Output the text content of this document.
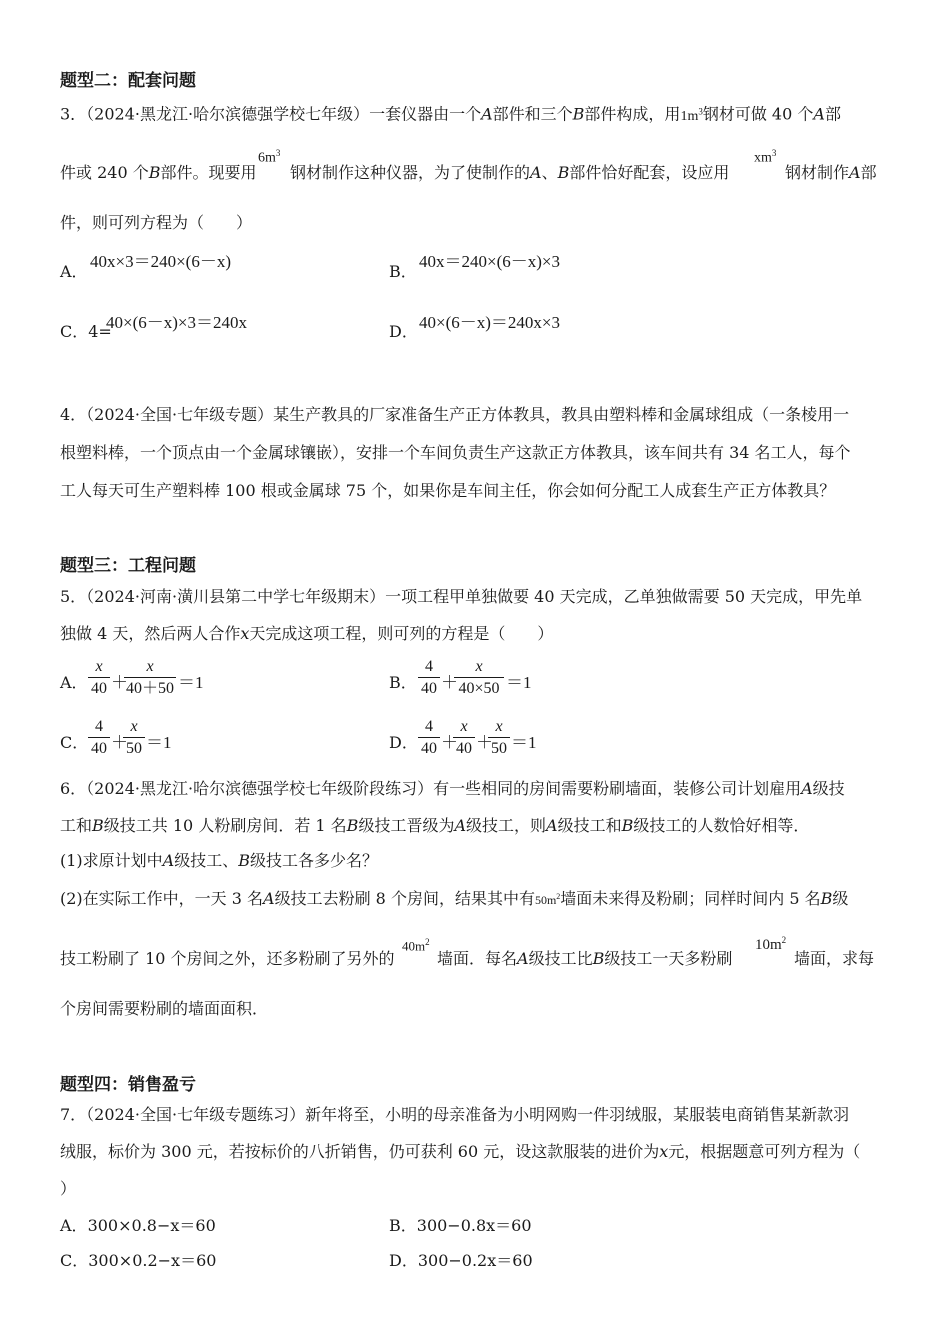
题型二：配套问题
3．（2024·黑龙江·哈尔滨德强学校七年级）一套仪器由一个A部件和三个B部件构成，用$1m^3$钢材可做 40 个A部
件或 240 个B部件。现要用
$6m^3$
钢材制作这种仪器，为了使制作的A、B部件恰好配套，设应用
$xm^3$
钢材制作A部
件，则可列方程为（　　）
A．
40x×3＝240×(6－x)
B．
40x＝240×(6－x)×3
C．4=
40×(6－x)×3＝240x	D． 40×(6－x)＝240x×3
4．（2024·全国·七年级专题）某生产教具的厂家准备生产正方体教具，教具由塑料棒和金属球组成（一条棱用一
根塑料棒，一个顶点由一个金属球镶嵌），安排一个车间负责生产这款正方体教具，该车间共有 34 名工人，每个
工人每天可生产塑料棒 100 根或金属球 75 个，如果你是车间主任，你会如何分配工人成套生产正方体教具？
题型三：工程问题
5．（2024·河南·潢川县第二中学七年级期末）一项工程甲单独做要 40 天完成，乙单独做需要 50 天完成，甲先单
独做 4 天，然后两人合作x天完成这项工程，则可列的方程是（　　）
A．
x
40 ＋
x
40＋50 ＝1	B．
4
40 ＋
x
40×50 ＝1
C．
4
40 ＋
x
50 ＝1	D．
4
40 ＋
x
40 ＋
x
50 ＝1
6．（2024·黑龙江·哈尔滨德强学校七年级阶段练习）有一些相同的房间需要粉刷墙面，装修公司计划雇用A级技
工和B级技工共 10 人粉刷房间．若 1 名B级技工晋级为A级技工，则A级技工和B级技工的人数恰好相等．
(1)求原计划中A级技工、B级技工各多少名？
(2)在实际工作中，一天 3 名A级技工去粉刷 8 个房间，结果其中有$50m^2$墙面未来得及粉刷；同样时间内 5 名B级
技工粉刷了 10 个房间之外，还多粉刷了另外的
$40m^2$
墙面．每名A级技工比B级技工一天多粉刷
$10m^2$
墙面，求每
个房间需要粉刷的墙面面积．
题型四：销售盈亏
7．（2024·全国·七年级专题练习）新年将至，小明的母亲准备为小明网购一件羽绒服，某服装电商销售某新款羽
绒服，标价为 300 元，若按标价的八折销售，仍可获利 60 元，设这款服装的进价为x元，根据题意可列方程为（
）
A．300×0.8−x＝60	B．300−0.8x＝60
C．300×0.2−x＝60	D．300−0.2x＝60
